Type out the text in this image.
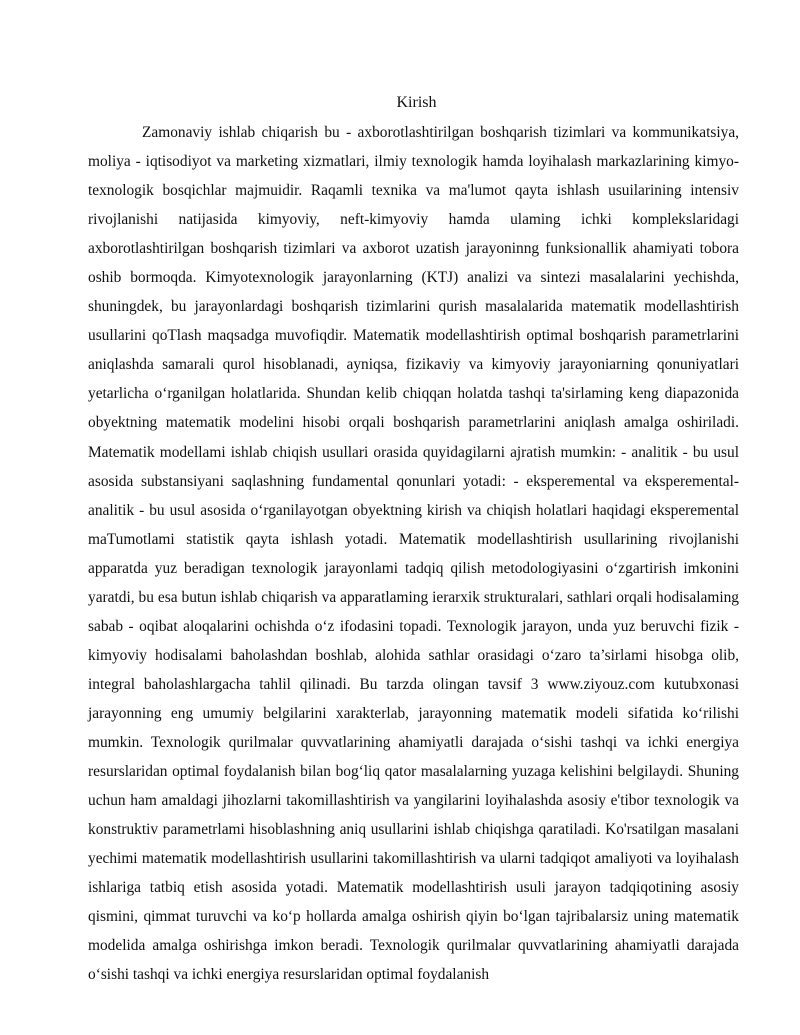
Kirish

Zamonaviy ishlab chiqarish bu - axborotlashtirilgan boshqarish tizimlari va kommunikatsiya, moliya - iqtisodiyot va marketing xizmatlari, ilmiy texnologik hamda loyihalash markazlarining kimyo-texnologik bosqichlar majmuidir. Raqamli texnika va ma'lumot qayta ishlash usuilarining intensiv rivojlanishi natijasida kimyoviy, neft-kimyoviy hamda ulaming ichki komplekslaridagi axborotlashtirilgan boshqarish tizimlari va axborot uzatish jarayoninng funksionallik ahamiyati tobora oshib bormoqda. Kimyotexnologik jarayonlarning (KTJ) analizi va sintezi masalalarini yechishda, shuningdek, bu jarayonlardagi boshqarish tizimlarini qurish masalalarida matematik modellashtirish usullarini qoTlash maqsadga muvofiqdir. Matematik modellashtirish optimal boshqarish parametrlarini aniqlashda samarali qurol hisoblanadi, ayniqsa, fizikaviy va kimyoviy jarayoniarning qonuniyatlari yetarlicha o‘rganilgan holatlarida. Shundan kelib chiqqan holatda tashqi ta'sirlaming keng diapazonida obyektning matematik modelini hisobi orqali boshqarish parametrlarini aniqlash amalga oshiriladi. Matematik modellami ishlab chiqish usullari orasida quyidagilarni ajratish mumkin: - analitik - bu usul asosida substansiyani saqlashning fundamental qonunlari yotadi: - eksperemental va eksperemental-analitik - bu usul asosida o‘rganilayotgan obyektning kirish va chiqish holatlari haqidagi eksperemental maTumotlami statistik qayta ishlash yotadi. Matematik modellashtirish usullarining rivojlanishi apparatda yuz beradigan texnologik jarayonlami tadqiq qilish metodologiyasini o‘zgartirish imkonini yaratdi, bu esa butun ishlab chiqarish va apparatlaming ierarxik strukturalari, sathlari orqali hodisalaming sabab - oqibat aloqalarini ochishda o‘z ifodasini topadi. Texnologik jarayon, unda yuz beruvchi fizik - kimyoviy hodisalami baholashdan boshlab, alohida sathlar orasidagi o‘zaro ta’sirlami hisobga olib, integral baholashlargacha tahlil qilinadi. Bu tarzda olingan tavsif 3 www.ziyouz.com kutubxonasi jarayonning eng umumiy belgilarini xarakterlab, jarayonning matematik modeli sifatida ko‘rilishi mumkin. Texnologik qurilmalar quvvatlarining ahamiyatli darajada o‘sishi tashqi va ichki energiya resurslaridan optimal foydalanish bilan bog‘liq qator masalalarning yuzaga kelishini belgilaydi. Shuning uchun ham amaldagi jihozlarni takomillashtirish va yangilarini loyihalashda asosiy e'tibor texnologik va konstruktiv parametrlami hisoblashning aniq usullarini ishlab chiqishga qaratiladi. Ko'rsatilgan masalani yechimi matematik modellashtirish usullarini takomillashtirish va ularni tadqiqot amaliyoti va loyihalash ishlariga tatbiq etish asosida yotadi. Matematik modellashtirish usuli jarayon tadqiqotining asosiy qismini, qimmat turuvchi va ko‘p hollarda amalga oshirish qiyin bo‘lgan tajribalarsiz uning matematik modelida amalga oshirishga imkon beradi. Texnologik qurilmalar quvvatlarining ahamiyatli darajada o‘sishi tashqi va ichki energiya resurslaridan optimal foydalanish
